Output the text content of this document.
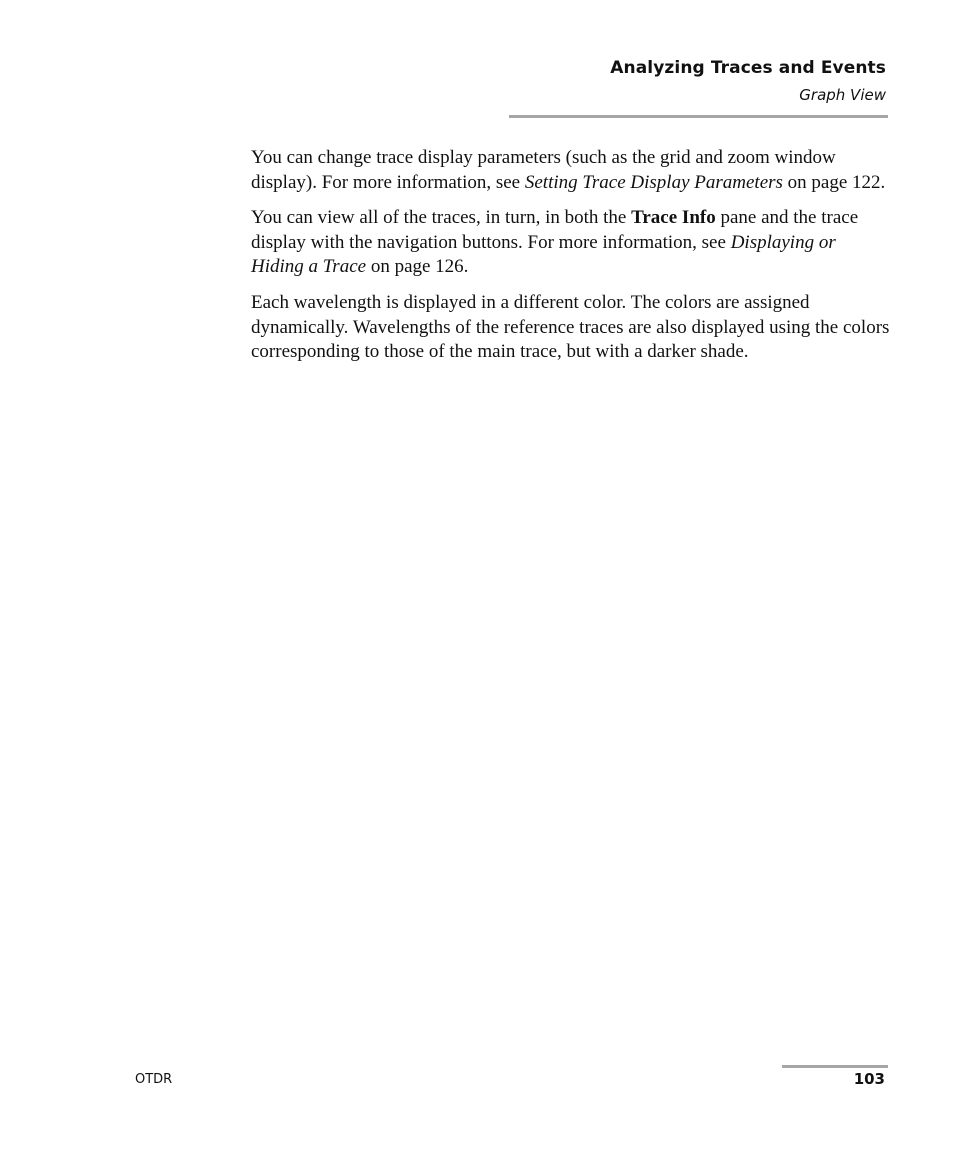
Analyzing Traces and Events
Graph View

You can change trace display parameters (such as the grid and zoom window display). For more information, see Setting Trace Display Parameters on page 122.

You can view all of the traces, in turn, in both the Trace Info pane and the trace display with the navigation buttons. For more information, see Displaying or Hiding a Trace on page 126.

Each wavelength is displayed in a different color. The colors are assigned dynamically. Wavelengths of the reference traces are also displayed using the colors corresponding to those of the main trace, but with a darker shade.

OTDR	103
